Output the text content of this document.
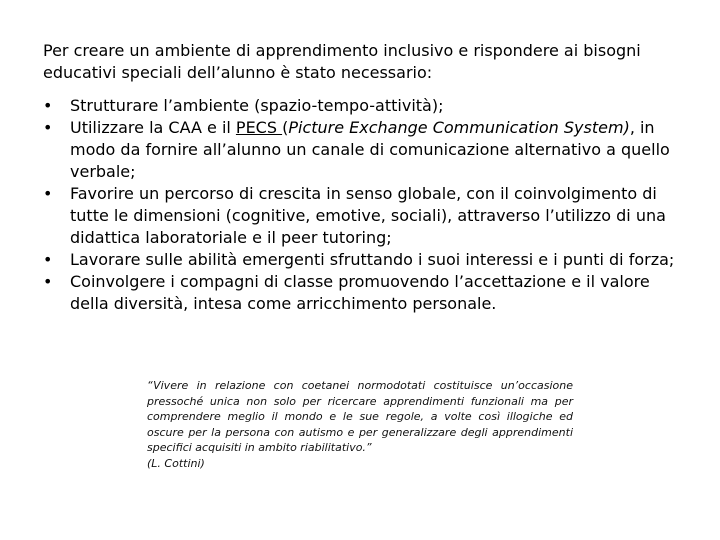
Per creare un ambiente di apprendimento inclusivo e rispondere ai bisogni educativi speciali dell’alunno è stato necessario:

• Strutturare l’ambiente (spazio-tempo-attività);
• Utilizzare la CAA e il PECS (Picture Exchange Communication System), in modo da fornire all’alunno un canale di comunicazione alternativo a quello verbale;
• Favorire un percorso di crescita in senso globale, con il coinvolgimento di tutte le dimensioni (cognitive, emotive, sociali), attraverso l’utilizzo di una didattica laboratoriale e il peer tutoring;
• Lavorare sulle abilità emergenti sfruttando i suoi interessi e i punti di forza;
• Coinvolgere i compagni di classe promuovendo l’accettazione e il valore della diversità, intesa come arricchimento personale.
“Vivere in relazione con coetanei normodotati costituisce un’occasione pressoché unica non solo per ricercare apprendimenti funzionali ma per comprendere meglio il mondo e le sue regole, a volte così illogiche ed oscure per la persona con autismo e per generalizzare degli apprendimenti specifici acquisiti in ambito riabilitativo.”
(L. Cottini)
